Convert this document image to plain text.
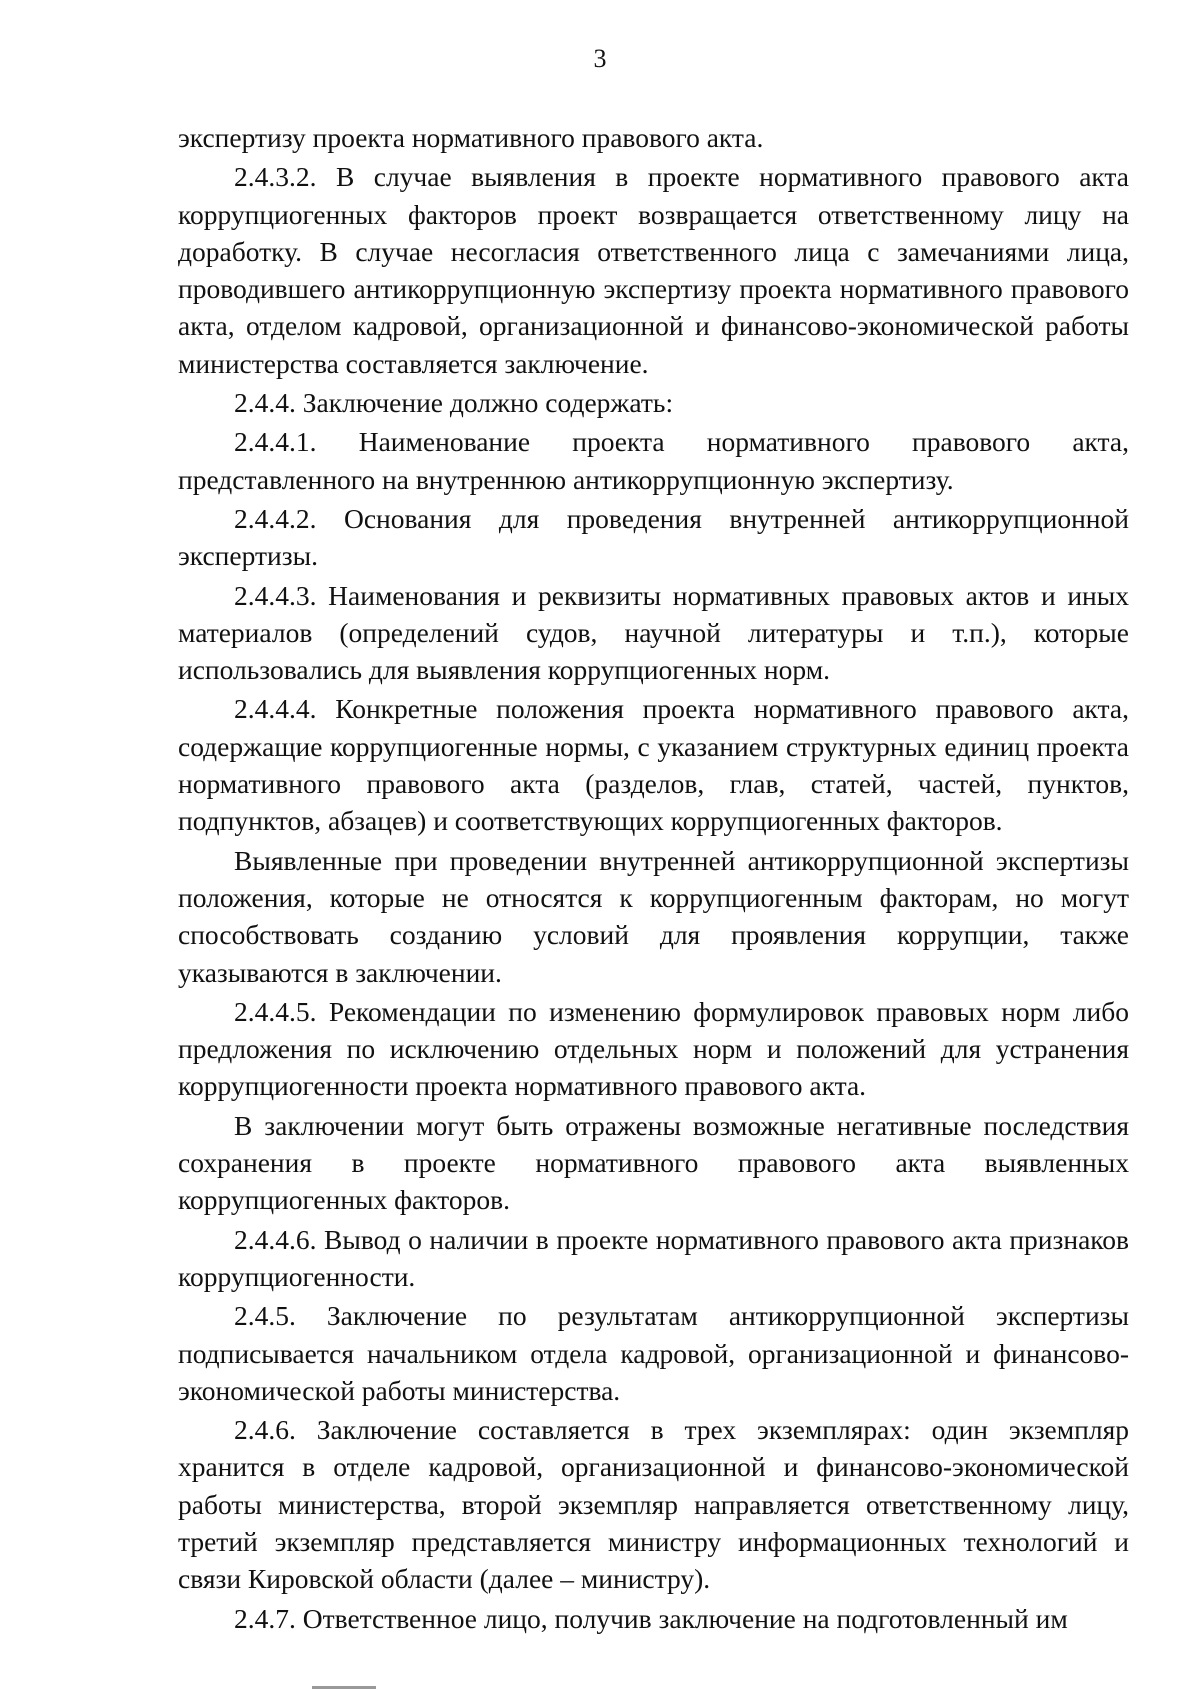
3

экспертизу проекта нормативного правового акта.

2.4.3.2. В случае выявления в проекте нормативного правового акта коррупциогенных факторов проект возвращается ответственному лицу на доработку. В случае несогласия ответственного лица с замечаниями лица, проводившего антикоррупционную экспертизу проекта нормативного правового акта, отделом кадровой, организационной и финансово-экономической работы министерства составляется заключение.

2.4.4. Заключение должно содержать:

2.4.4.1. Наименование проекта нормативного правового акта, представленного на внутреннюю антикоррупционную экспертизу.

2.4.4.2. Основания для проведения внутренней антикоррупционной экспертизы.

2.4.4.3. Наименования и реквизиты нормативных правовых актов и иных материалов (определений судов, научной литературы и т.п.), которые использовались для выявления коррупциогенных норм.

2.4.4.4. Конкретные положения проекта нормативного правового акта, содержащие коррупциогенные нормы, с указанием структурных единиц проекта нормативного правового акта (разделов, глав, статей, частей, пунктов, подпунктов, абзацев) и соответствующих коррупциогенных факторов.

Выявленные при проведении внутренней антикоррупционной экспертизы положения, которые не относятся к коррупциогенным факторам, но могут способствовать созданию условий для проявления коррупции, также указываются в заключении.

2.4.4.5. Рекомендации по изменению формулировок правовых норм либо предложения по исключению отдельных норм и положений для устранения коррупциогенности проекта нормативного правового акта.

В заключении могут быть отражены возможные негативные последствия сохранения в проекте нормативного правового акта выявленных коррупциогенных факторов.

2.4.4.6. Вывод о наличии в проекте нормативного правового акта признаков коррупциогенности.

2.4.5. Заключение по результатам антикоррупционной экспертизы подписывается начальником отдела кадровой, организационной и финансово-экономической работы министерства.

2.4.6. Заключение составляется в трех экземплярах: один экземпляр хранится в отделе кадровой, организационной и финансово-экономической работы министерства, второй экземпляр направляется ответственному лицу, третий экземпляр представляется министру информационных технологий и связи Кировской области (далее – министру).

2.4.7. Ответственное лицо, получив заключение на подготовленный им
